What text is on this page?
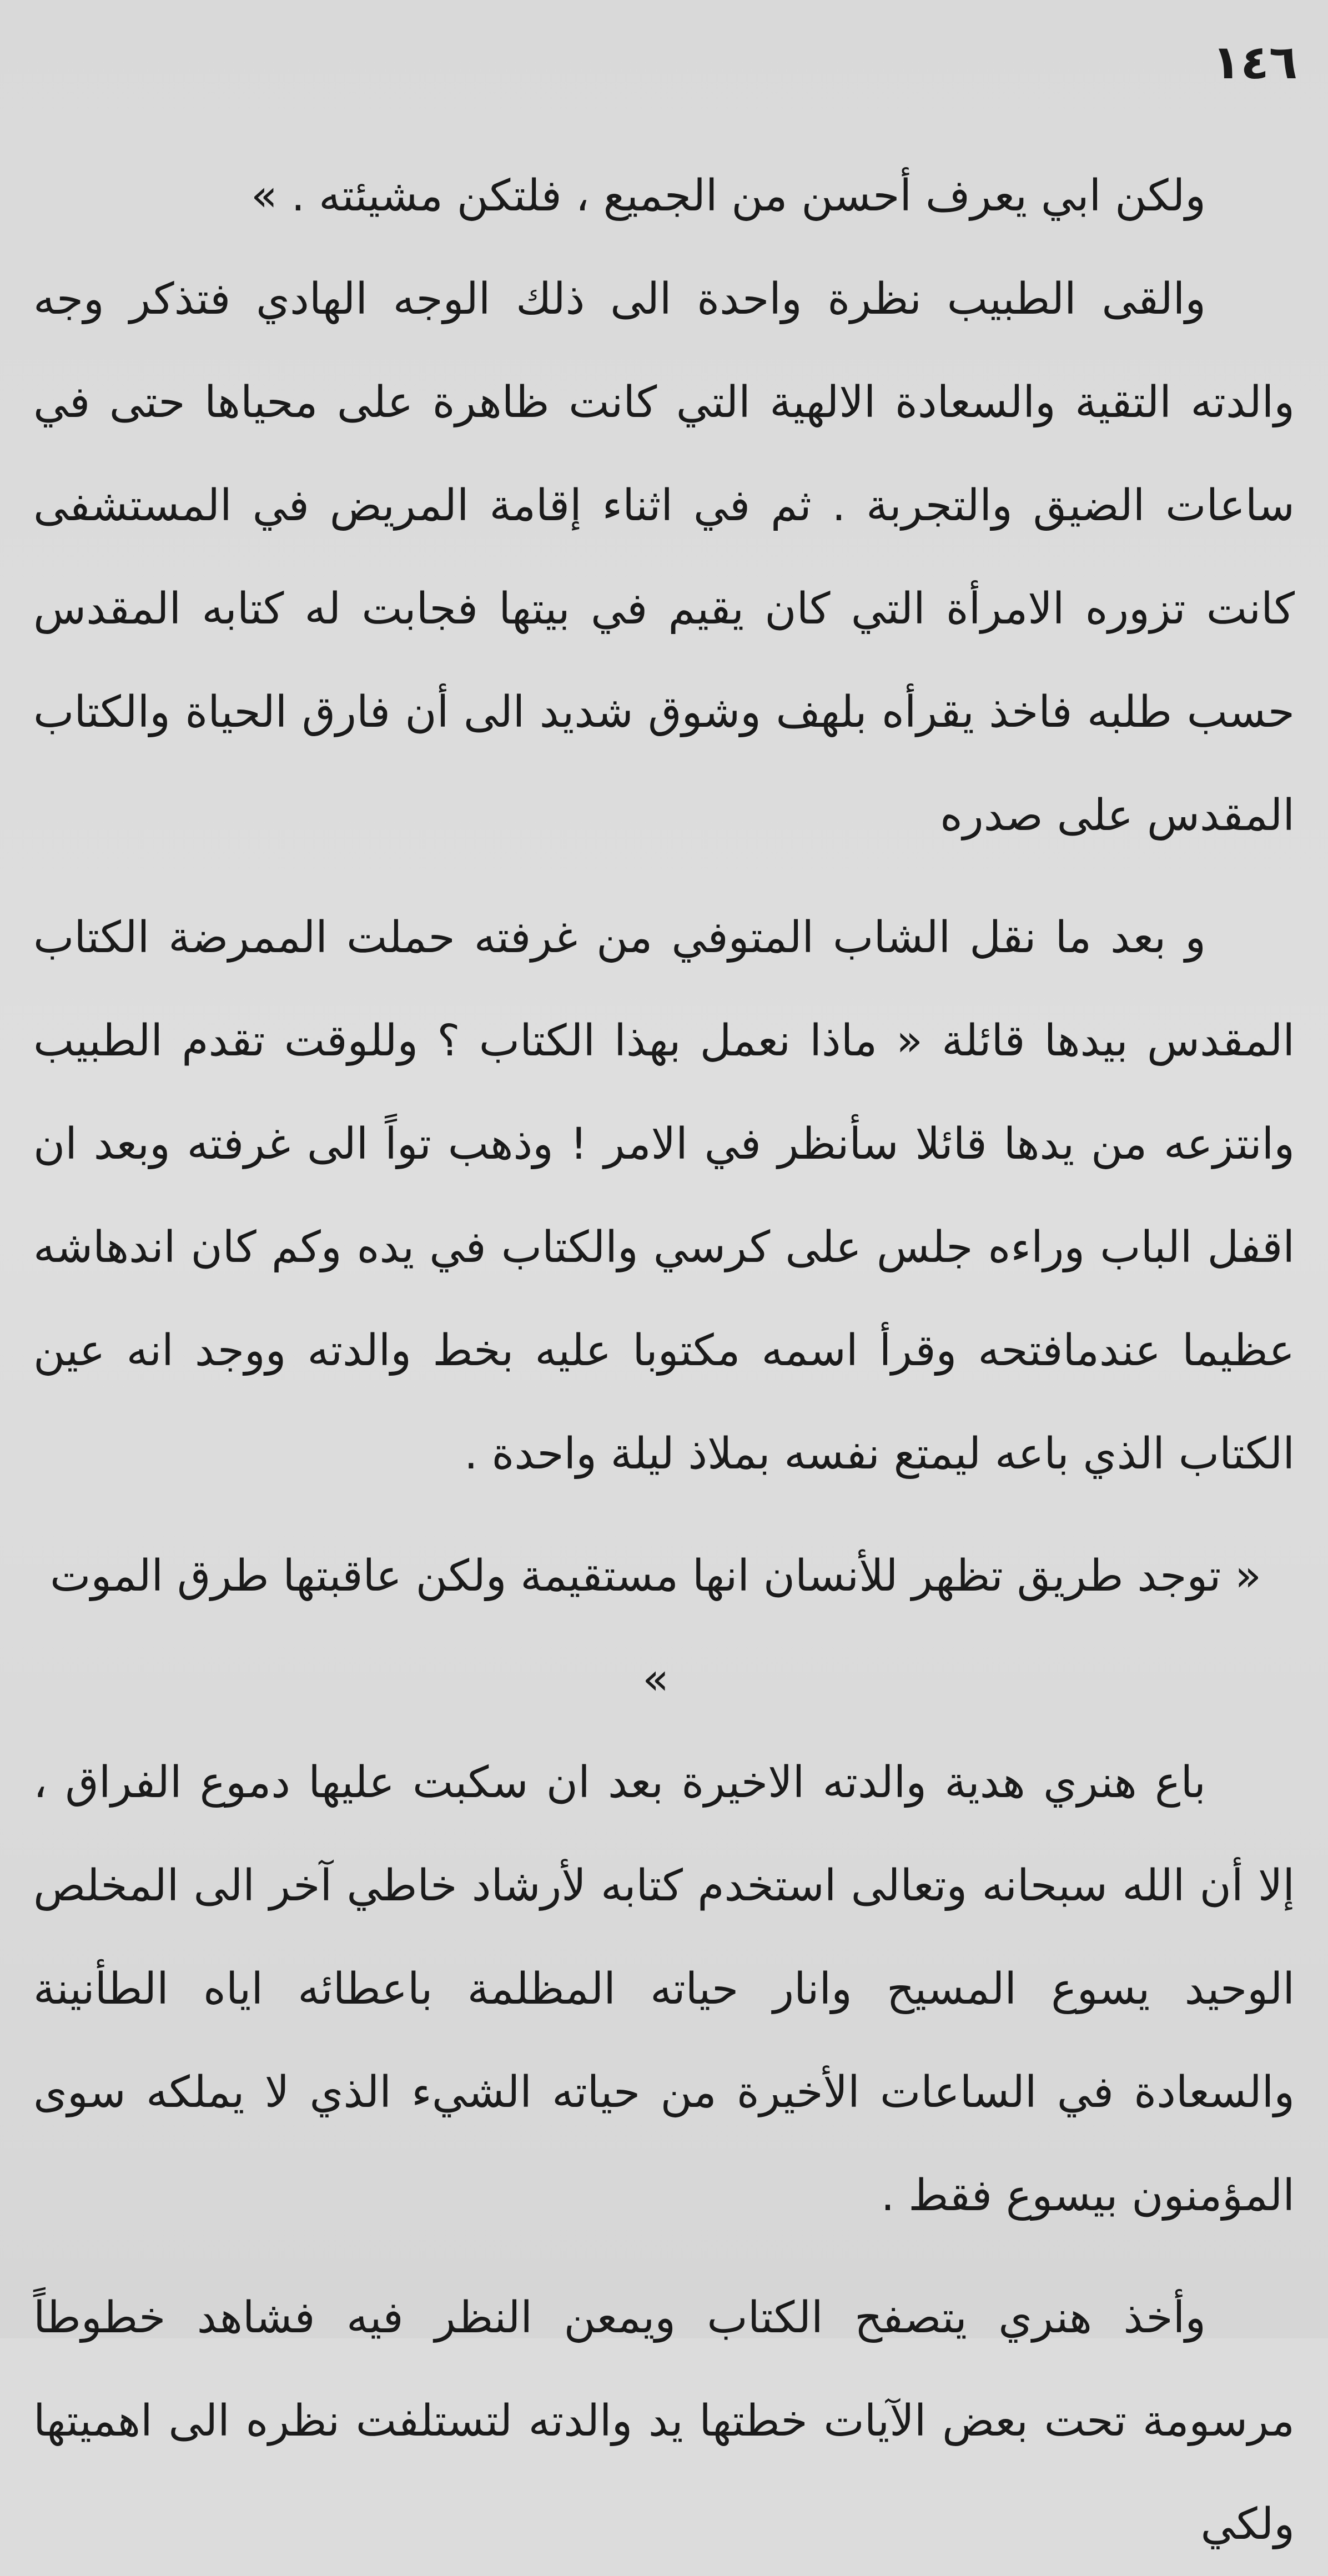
١٤٦

ولكن ابي يعرف أحسن من الجميع ، فلتكن مشيئته . »

والقى الطبيب نظرة واحدة الى ذلك الوجه الهادي فتذكر وجه والدته التقية والسعادة الالهية التي كانت ظاهرة على محياها حتى في ساعات الضيق والتجربة . ثم في اثناء إقامة المريض في المستشفى كانت تزوره الامرأة التي كان يقيم في بيتها فجابت له كتابه المقدس حسب طلبه فاخذ يقرأه بلهف وشوق شديد الى أن فارق الحياة والكتاب المقدس على صدره

و بعد ما نقل الشاب المتوفي من غرفته حملت الممرضة الكتاب المقدس بيدها قائلة « ماذا نعمل بهذا الكتاب ؟ وللوقت تقدم الطبيب وانتزعه من يدها قائلا سأنظر في الامر ! وذهب تواً الى غرفته وبعد ان اقفل الباب وراءه جلس على كرسي والكتاب في يده وكم كان اندهاشه عظيما عندمافتحه وقرأ اسمه مكتوبا عليه بخط والدته ووجد انه عين الكتاب الذي باعه ليمتع نفسه بملاذ ليلة واحدة .

« توجد طريق تظهر للأنسان انها مستقيمة ولكن عاقبتها طرق الموت »

باع هنري هدية والدته الاخيرة بعد ان سكبت عليها دموع الفراق ، إلا أن الله سبحانه وتعالى استخدم كتابه لأرشاد خاطي آخر الى المخلص الوحيد يسوع المسيح وانار حياته المظلمة باعطائه اياه الطأنينة والسعادة في الساعات الأخيرة من حياته الشيء الذي لا يملكه سوى المؤمنون بيسوع فقط .

وأخذ هنري يتصفح الكتاب ويمعن النظر فيه فشاهد خطوطاً مرسومة تحت بعض الآيات خطتها يد والدته لتستلفت نظره الى اهميتها ولكي
